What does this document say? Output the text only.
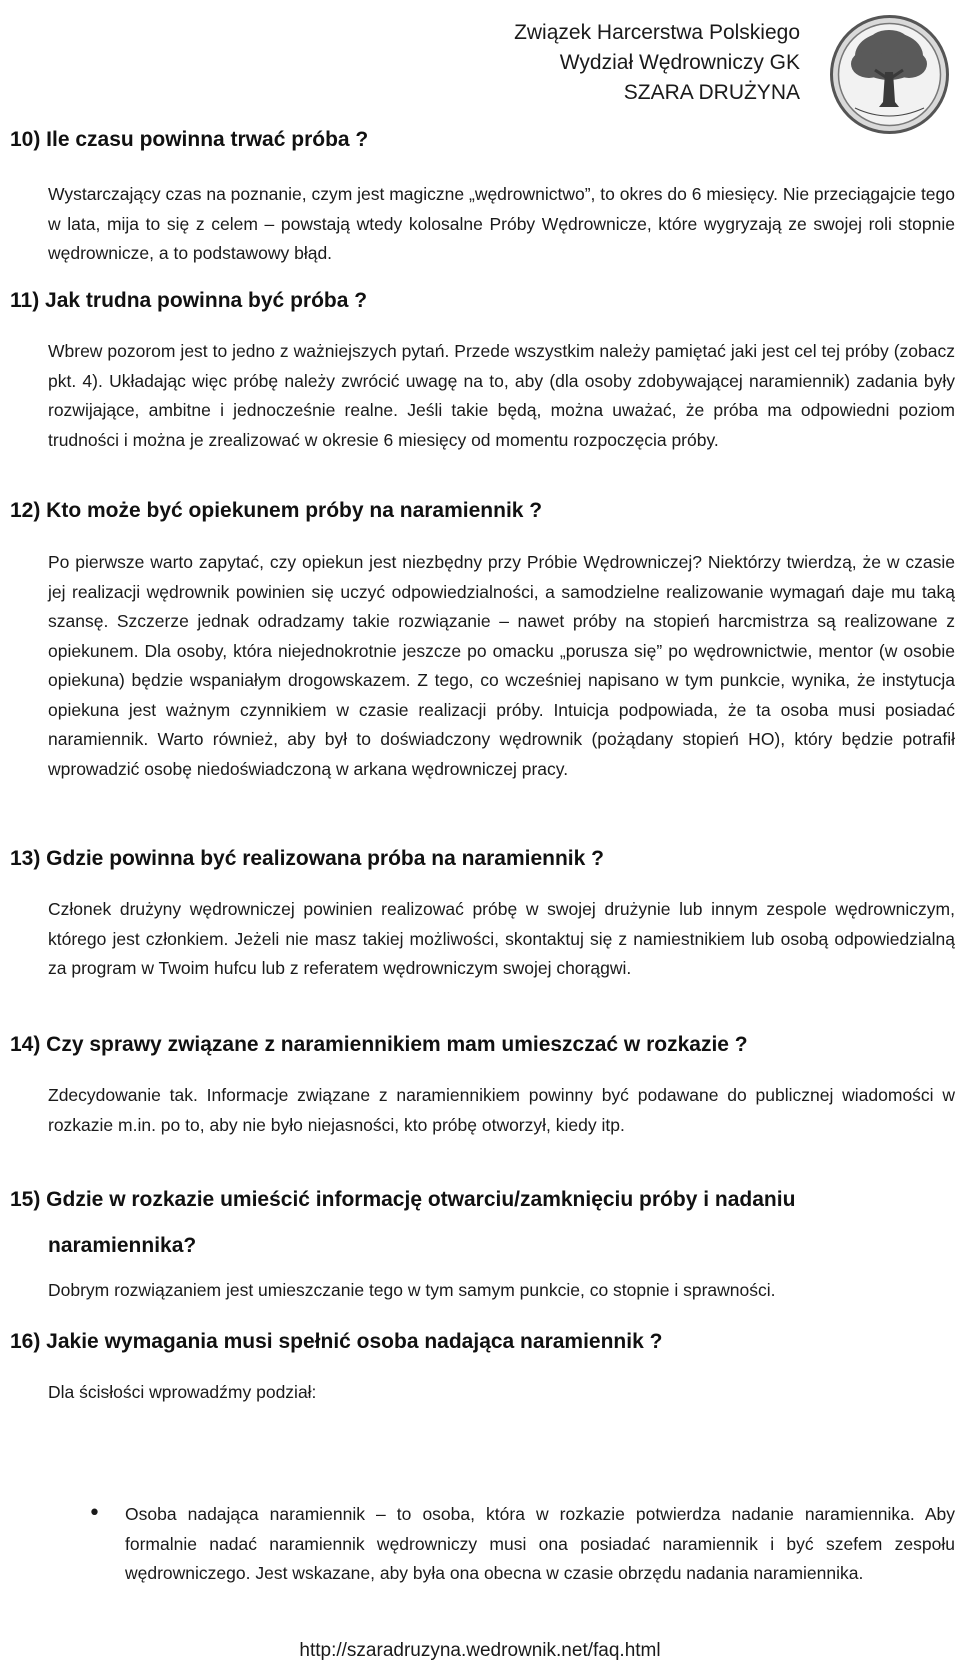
Związek Harcerstwa Polskiego
Wydział Wędrowniczy GK
SZARA DRUŻYNA
10) Ile czasu powinna trwać próba ?
Wystarczający czas na poznanie, czym jest magiczne „wędrownictwo”, to okres do 6 miesięcy. Nie przeciągajcie tego w lata, mija to się z celem – powstają wtedy kolosalne Próby Wędrownicze, które wygryzają ze swojej roli stopnie wędrownicze, a to podstawowy błąd.
11) Jak trudna powinna być próba ?
Wbrew pozorom jest to jedno z ważniejszych pytań. Przede wszystkim należy pamiętać jaki jest cel tej próby (zobacz pkt. 4). Układając więc próbę należy zwrócić uwagę na to, aby (dla osoby zdobywającej naramiennik) zadania były rozwijające, ambitne i jednocześnie realne. Jeśli takie będą, można uważać, że próba ma odpowiedni poziom trudności i można je zrealizować w okresie 6 miesięcy od momentu rozpoczęcia próby.
12) Kto może być opiekunem próby na naramiennik ?
Po pierwsze warto zapytać, czy opiekun jest niezbędny przy Próbie Wędrowniczej? Niektórzy twierdzą, że w czasie jej realizacji wędrownik powinien się uczyć odpowiedzialności, a samodzielne realizowanie wymagań daje mu taką szansę. Szczerze jednak odradzamy takie rozwiązanie – nawet próby na stopień harcmistrza są realizowane z opiekunem. Dla osoby, która niejednokrotnie jeszcze po omacku „porusza się” po wędrownictwie, mentor (w osobie opiekuna) będzie wspaniałym drogowskazem. Z tego, co wcześniej napisano w tym punkcie, wynika, że instytucja opiekuna jest ważnym czynnikiem w czasie realizacji próby. Intuicja podpowiada, że ta osoba musi posiadać naramiennik. Warto również, aby był to doświadczony wędrownik (pożądany stopień HO), który będzie potrafił wprowadzić osobę niedoświadczoną w arkana wędrowniczej pracy.
13) Gdzie powinna być realizowana próba na naramiennik ?
Członek drużyny wędrowniczej powinien realizować próbę w swojej drużynie lub innym zespole wędrowniczym, którego jest członkiem. Jeżeli nie masz takiej możliwości, skontaktuj się z namiestnikiem lub osobą odpowiedzialną za program w Twoim hufcu lub z referatem wędrowniczym swojej chorągwi.
14) Czy sprawy związane z naramiennikiem mam umieszczać w rozkazie ?
Zdecydowanie tak. Informacje związane z naramiennikiem powinny być podawane do publicznej wiadomości w rozkazie m.in. po to, aby nie było niejasności, kto próbę otworzył, kiedy itp.
15) Gdzie w rozkazie umieścić informację otwarciu/zamknięciu próby i nadaniu
naramiennika?
Dobrym rozwiązaniem jest umieszczanie tego w tym samym punkcie, co stopnie i sprawności.
16) Jakie wymagania musi spełnić osoba nadająca naramiennik ?
Dla ścisłości wprowadźmy podział:
• Osoba nadająca naramiennik – to osoba, która w rozkazie potwierdza nadanie naramiennika. Aby formalnie nadać naramiennik wędrowniczy musi ona posiadać naramiennik i być szefem zespołu wędrowniczego. Jest wskazane, aby była ona obecna w czasie obrzędu nadania naramiennika.
http://szaradruzyna.wedrownik.net/faq.html
